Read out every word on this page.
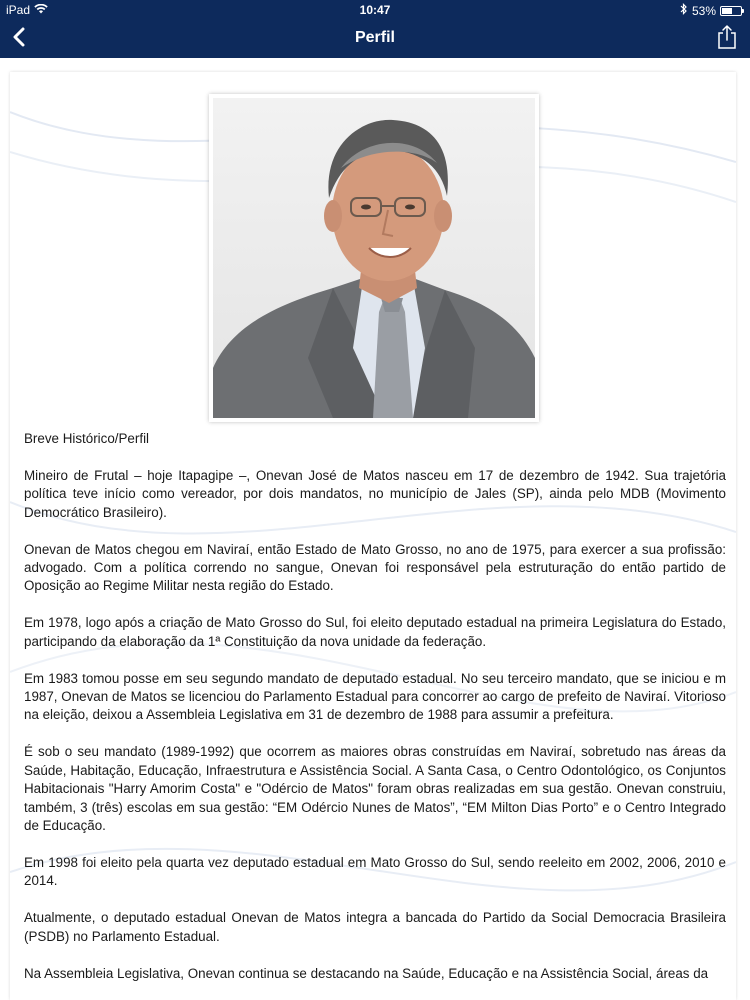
iPad	10:47	53%
Perfil

Breve Histórico/Perfil

Mineiro de Frutal – hoje Itapagipe –, Onevan José de Matos nasceu em 17 de dezembro de 1942. Sua trajetória política teve início como vereador, por dois mandatos, no município de Jales (SP), ainda pelo MDB (Movimento Democrático Brasileiro).

Onevan de Matos chegou em Naviraí, então Estado de Mato Grosso, no ano de 1975, para exercer a sua profissão: advogado. Com a política correndo no sangue, Onevan foi responsável pela estruturação do então partido de Oposição ao Regime Militar nesta região do Estado.

Em 1978, logo após a criação de Mato Grosso do Sul, foi eleito deputado estadual na primeira Legislatura do Estado, participando da elaboração da 1ª Constituição da nova unidade da federação.

Em 1983 tomou posse em seu segundo mandato de deputado estadual. No seu terceiro mandato, que se iniciou e m 1987, Onevan de Matos se licenciou do Parlamento Estadual para concorrer ao cargo de prefeito de Naviraí. Vitorioso na eleição, deixou a Assembleia Legislativa em 31 de dezembro de 1988 para assumir a prefeitura.

É sob o seu mandato (1989-1992) que ocorrem as maiores obras construídas em Naviraí, sobretudo nas áreas da Saúde, Habitação, Educação, Infraestrutura e Assistência Social. A Santa Casa, o Centro Odontológico, os Conjuntos Habitacionais "Harry Amorim Costa" e "Odércio de Matos" foram obras realizadas em sua gestão. Onevan construiu, também, 3 (três) escolas em sua gestão: “EM Odércio Nunes de Matos”, “EM Milton Dias Porto” e o Centro Integrado de Educação.

Em 1998 foi eleito pela quarta vez deputado estadual em Mato Grosso do Sul, sendo reeleito em 2002, 2006, 2010 e 2014.

Atualmente, o deputado estadual Onevan de Matos integra a bancada do Partido da Social Democracia Brasileira (PSDB) no Parlamento Estadual.

Na Assembleia Legislativa, Onevan continua se destacando na Saúde, Educação e na Assistência Social, áreas da
